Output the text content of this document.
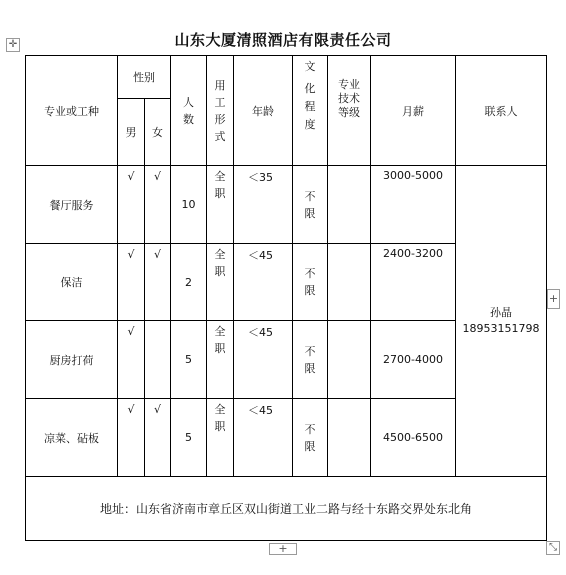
山东大厦清照酒店有限责任公司
✛
专业或工种	性别		人数	用工形式	年龄	文
化程度	专业技术等级	月薪	联系人
	男	女							
餐厅服务	√	√	10	全职	＜35	不限		3000-5000	孙晶
18953151798

保洁	√	√	2	全职	＜45	不限		2400-3200	

厨房打荷	√		5	全职	＜45	不限		2700-4000	

凉菜、砧板	√	√	5	全职	＜45	不限		4500-6500	

地址：山东省济南市章丘区双山街道工业二路与经十东路交界处东北角									
+
+	⤡
